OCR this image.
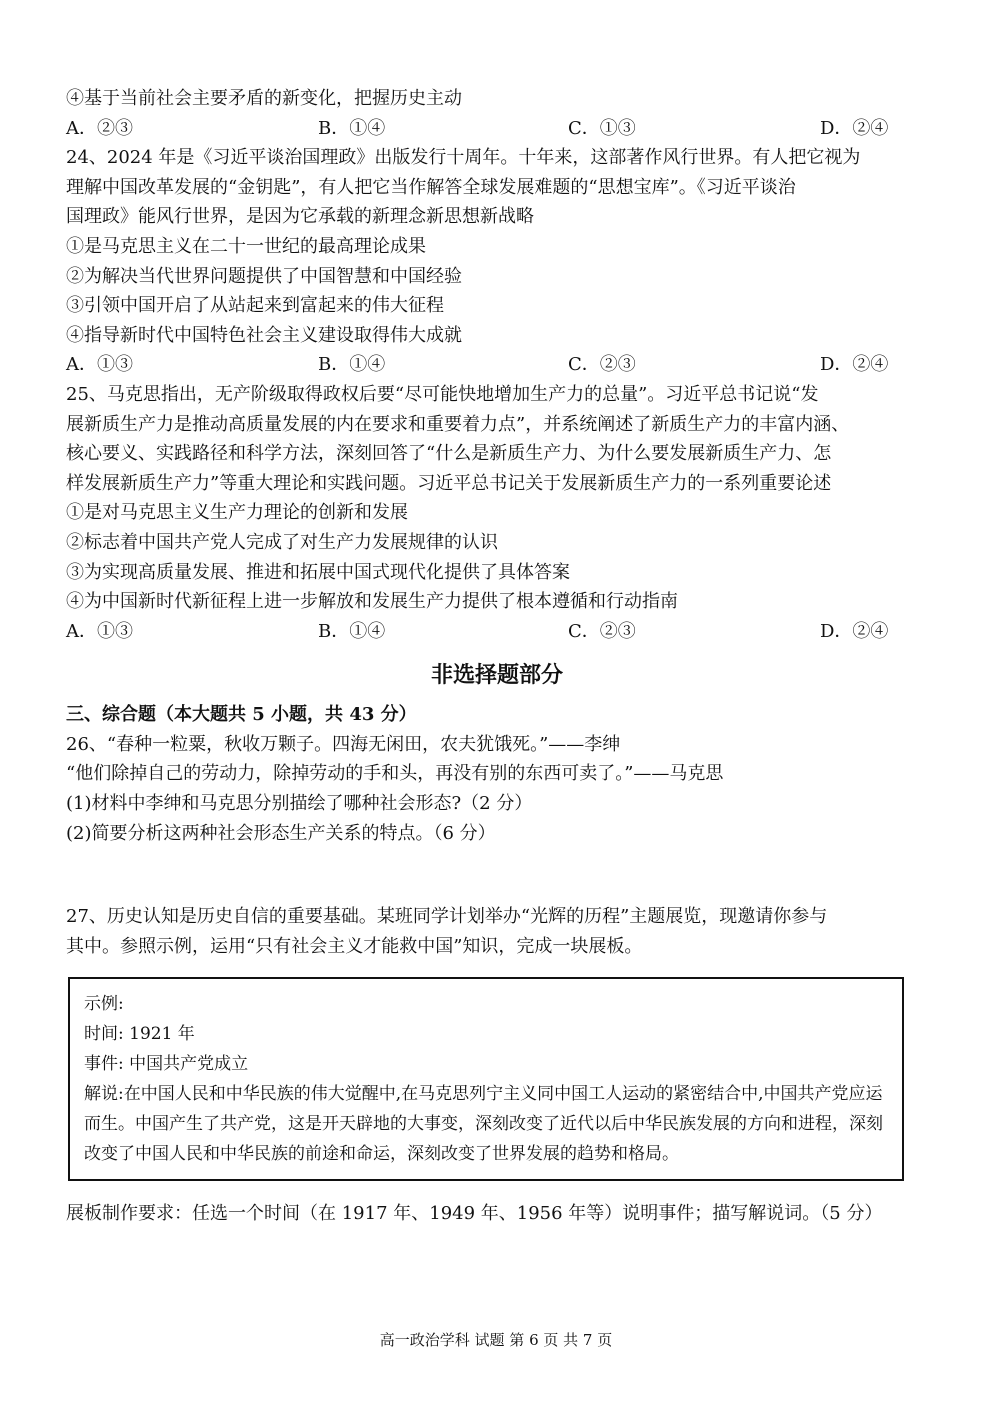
④基于当前社会主要矛盾的新变化，把握历史主动
A．②③	B．①④	C．①③	D．②④
24、2024 年是《习近平谈治国理政》出版发行十周年。十年来，这部著作风行世界。有人把它视为
理解中国改革发展的“金钥匙”，有人把它当作解答全球发展难题的“思想宝库”。《习近平谈治
国理政》能风行世界，是因为它承载的新理念新思想新战略
①是马克思主义在二十一世纪的最高理论成果
②为解决当代世界问题提供了中国智慧和中国经验
③引领中国开启了从站起来到富起来的伟大征程
④指导新时代中国特色社会主义建设取得伟大成就
A．①③	B．①④	C．②③	D．②④
25、马克思指出，无产阶级取得政权后要“尽可能快地增加生产力的总量”。习近平总书记说“发
展新质生产力是推动高质量发展的内在要求和重要着力点”，并系统阐述了新质生产力的丰富内涵、
核心要义、实践路径和科学方法，深刻回答了“什么是新质生产力、为什么要发展新质生产力、怎
样发展新质生产力”等重大理论和实践问题。习近平总书记关于发展新质生产力的一系列重要论述
①是对马克思主义生产力理论的创新和发展
②标志着中国共产党人完成了对生产力发展规律的认识
③为实现高质量发展、推进和拓展中国式现代化提供了具体答案
④为中国新时代新征程上进一步解放和发展生产力提供了根本遵循和行动指南
A．①③	B．①④	C．②③	D．②④
非选择题部分
三、综合题（本大题共 5 小题，共 43 分）
26、“春种一粒粟，秋收万颗子。四海无闲田，农夫犹饿死。”——李绅
“他们除掉自己的劳动力，除掉劳动的手和头，再没有别的东西可卖了。”——马克思
(1)材料中李绅和马克思分别描绘了哪种社会形态?（2 分）
(2)简要分析这两种社会形态生产关系的特点。（6 分）
27、历史认知是历史自信的重要基础。某班同学计划举办“光辉的历程”主题展览，现邀请你参与
其中。参照示例，运用“只有社会主义才能救中国”知识，完成一块展板。
示例:
时间: 1921 年
事件: 中国共产党成立
解说:在中国人民和中华民族的伟大觉醒中,在马克思列宁主义同中国工人运动的紧密结合中,中国共产党应运而生。中国产生了共产党，这是开天辟地的大事变，深刻改变了近代以后中华民族发展的方向和进程，深刻改变了中国人民和中华民族的前途和命运，深刻改变了世界发展的趋势和格局。
展板制作要求：任选一个时间（在 1917 年、1949 年、1956 年等）说明事件；描写解说词。（5 分）
高一政治学科 试题 第 6 页 共 7 页
